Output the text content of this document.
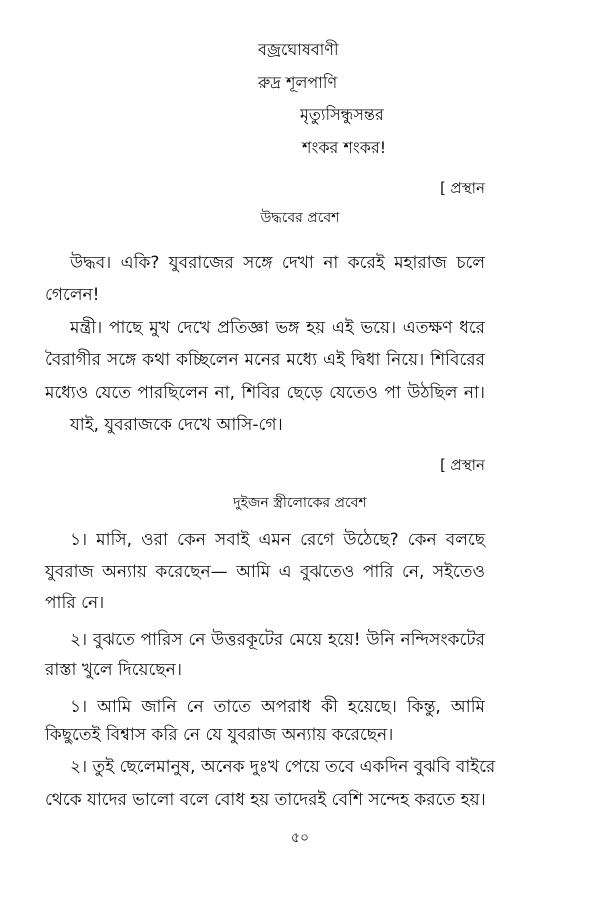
বজ্রঘোষবাণী
রুদ্র শূলপাণি
মৃত্যুসিন্ধুসন্তর
শংকর শংকর!
[ প্রস্থান
উদ্ধবের প্রবেশ
উদ্ধব। একি? যুবরাজের সঙ্গে দেখা না করেই মহারাজ চলে
গেলেন!
মন্ত্রী। পাছে মুখ দেখে প্রতিজ্ঞা ভঙ্গ হয় এই ভয়ে। এতক্ষণ ধরে
বৈরাগীর সঙ্গে কথা কচ্ছিলেন মনের মধ্যে এই দ্বিধা নিয়ে। শিবিরের
মধ্যেও যেতে পারছিলেন না, শিবির ছেড়ে যেতেও পা উঠছিল না।
যাই, যুবরাজকে দেখে আসি-গে।
[ প্রস্থান
দুইজন স্ত্রীলোকের প্রবেশ
১। মাসি, ওরা কেন সবাই এমন রেগে উঠেছে? কেন বলছে
যুবরাজ অন্যায় করেছেন— আমি এ বুঝতেও পারি নে, সইতেও
পারি নে।
২। বুঝতে পারিস নে উত্তরকূটের মেয়ে হয়ে! উনি নন্দিসংকটের
রাস্তা খুলে দিয়েছেন।
১। আমি জানি নে তাতে অপরাধ কী হয়েছে। কিন্তু, আমি
কিছুতেই বিশ্বাস করি নে যে যুবরাজ অন্যায় করেছেন।
২। তুই ছেলেমানুষ, অনেক দুঃখ পেয়ে তবে একদিন বুঝবি বাইরে
থেকে যাদের ভালো বলে বোধ হয় তাদেরই বেশি সন্দেহ করতে হয়।
৫০
